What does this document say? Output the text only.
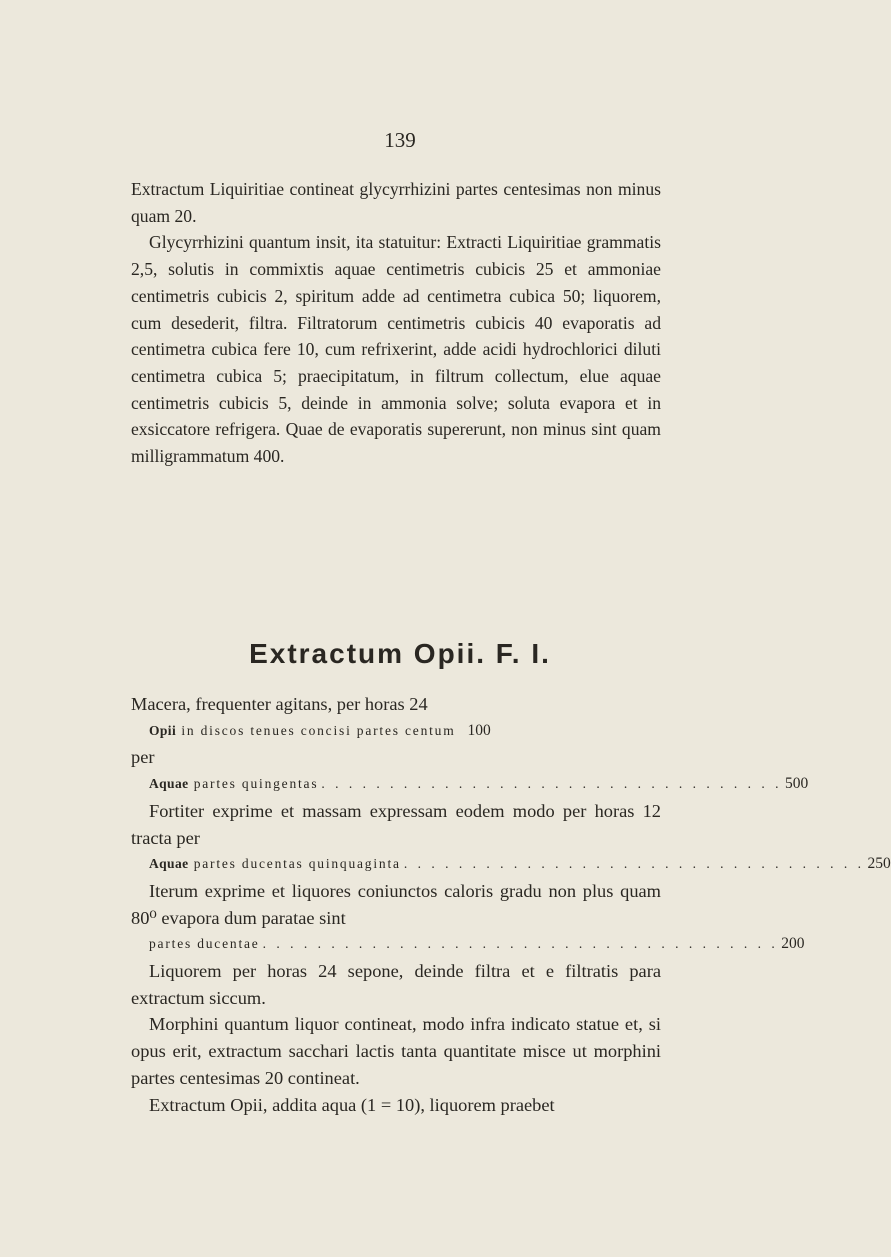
139

Extractum Liquiritiae contineat glycyrrhizini partes centesimas non minus quam 20.

Glycyrrhizini quantum insit, ita statuitur: Extracti Liquiritiae grammatis 2,5, solutis in commixtis aquae centimetris cubicis 25 et ammoniae centimetris cubicis 2, spiritum adde ad centimetra cubica 50; liquorem, cum desederit, filtra. Filtratorum centimetris cubicis 40 evaporatis ad centimetra cubica fere 10, cum refrixerint, adde acidi hydrochlorici diluti centimetra cubica 5; praecipitatum, in filtrum collectum, elue aquae centimetris cubicis 5, deinde in ammonia solve; soluta evapora et in exsiccatore refrigera. Quae de evaporatis supererunt, non minus sint quam milligrammatum 400.

Extractum Opii. F. I.

Macera, frequenter agitans, per horas 24

Opii in discos tenues concisi partes centum 100

per

Aquae partes quingentas . . . . . . . . . . . . . . . . . . . . . . . . . . . . . . . . . . 500

Fortiter exprime et massam expressam eodem modo per horas 12 tracta per

Aquae partes ducentas quinquaginta . . . . . . . . . . . . . . . . . . . . . . . . . . . . . . . . . . 250

Iterum exprime et liquores coniunctos caloris gradu non plus quam 80⁰ evapora dum paratae sint

partes ducentae . . . . . . . . . . . . . . . . . . . . . . . . . . . . . . . . . . . . . . 200

Liquorem per horas 24 sepone, deinde filtra et e filtratis para extractum siccum.

Morphini quantum liquor contineat, modo infra indicato statue et, si opus erit, extractum sacchari lactis tanta quantitate misce ut morphini partes centesimas 20 contineat.

Extractum Opii, addita aqua (1 = 10), liquorem praebet
